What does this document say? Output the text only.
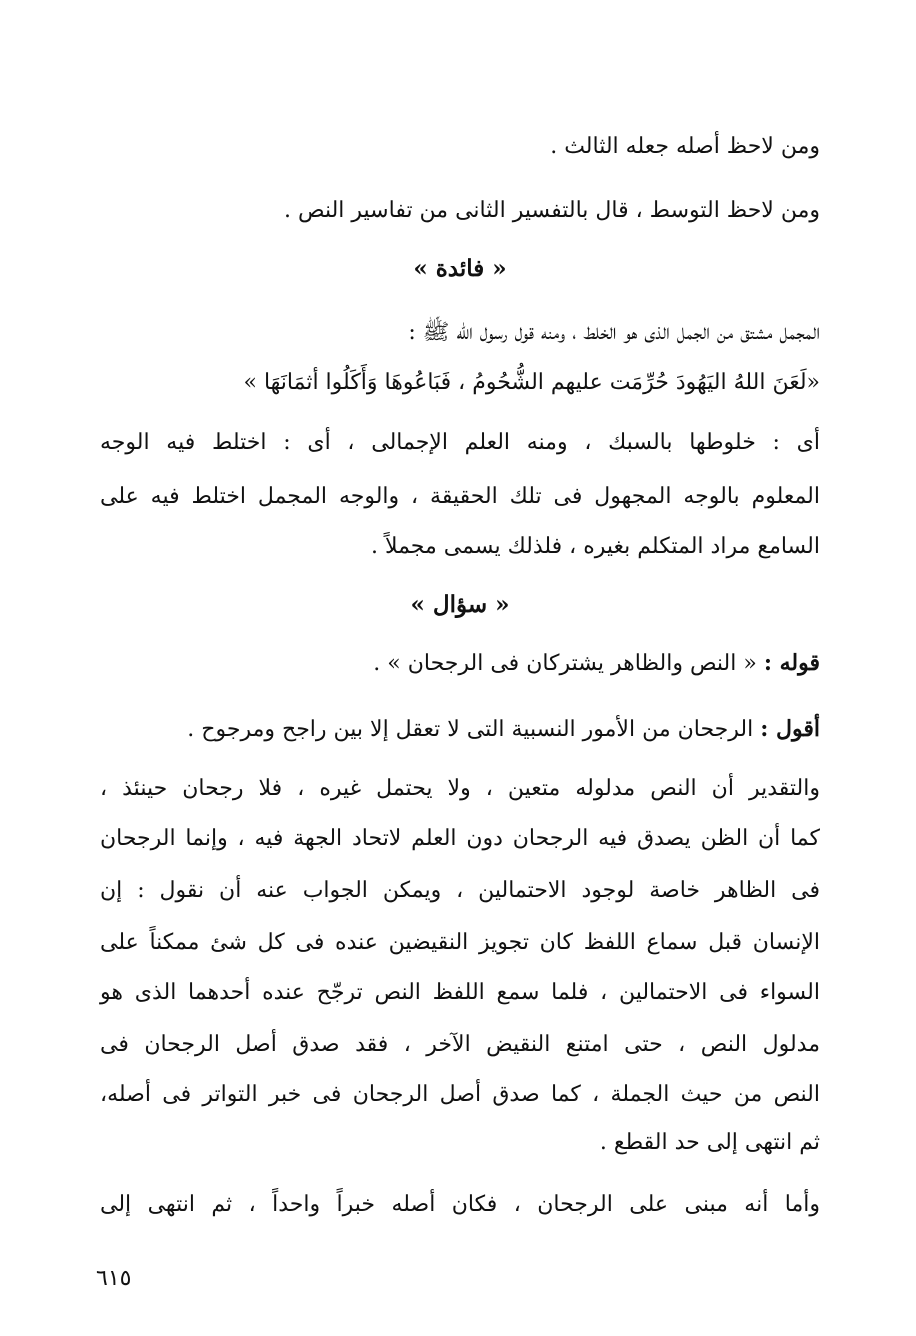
ومن لاحظ أصله جعله الثالث .
ومن لاحظ التوسط ، قال بالتفسير الثانى من تفاسير النص .
« فائدة »
المجمل مشتق من الجمل الذى هو الخلط ، ومنه قول رسول الله ﷺ :
«لَعَنَ اللهُ اليَهُودَ حُرِّمَت عليهم الشُّحُومُ ، فَبَاعُوهَا وَأَكَلُوا أثمَانَهَا »
أى : خلوطها بالسبك ، ومنه العلم الإجمالى ، أى : اختلط فيه الوجه
المعلوم بالوجه المجهول فى تلك الحقيقة ، والوجه المجمل اختلط فيه على
السامع مراد المتكلم بغيره ، فلذلك يسمى مجملاً .
« سؤال »
قوله : « النص والظاهر يشتركان فى الرجحان » .
أقول : الرجحان من الأمور النسبية التى لا تعقل إلا بين راجح ومرجوح .
والتقدير أن النص مدلوله متعين ، ولا يحتمل غيره ، فلا رجحان حينئذ ،
كما أن الظن يصدق فيه الرجحان دون العلم لاتحاد الجهة فيه ، وإنما الرجحان
فى الظاهر خاصة لوجود الاحتمالين ، ويمكن الجواب عنه أن نقول : إن
الإنسان قبل سماع اللفظ كان تجويز النقيضين عنده فى كل شئ ممكناً على
السواء فى الاحتمالين ، فلما سمع اللفظ النص ترجّح عنده أحدهما الذى هو
مدلول النص ، حتى امتنع النقيض الآخر ، فقد صدق أصل الرجحان فى
النص من حيث الجملة ، كما صدق أصل الرجحان فى خبر التواتر فى أصله،
ثم انتهى إلى حد القطع .
وأما أنه مبنى على الرجحان ، فكان أصله خبراً واحداً ، ثم انتهى إلى
٦١٥
